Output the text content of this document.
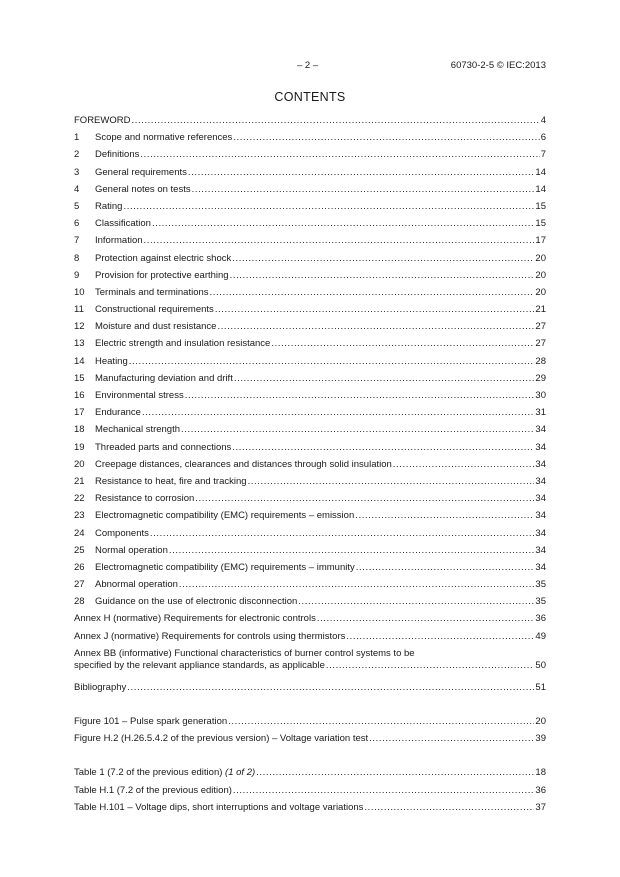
– 2 –	60730-2-5 © IEC:2013
CONTENTS
FOREWORD .....	4
1	Scope and normative references .....	6
2	Definitions .....	7
3	General requirements .....	14
4	General notes on tests .....	14
5	Rating .....	15
6	Classification .....	15
7	Information .....	17
8	Protection against electric shock .....	20
9	Provision for protective earthing .....	20
10	Terminals and terminations .....	20
11	Constructional requirements .....	21
12	Moisture and dust resistance .....	27
13	Electric strength and insulation resistance .....	27
14	Heating .....	28
15	Manufacturing deviation and drift .....	29
16	Environmental stress .....	30
17	Endurance .....	31
18	Mechanical strength .....	34
19	Threaded parts and connections .....	34
20	Creepage distances, clearances and distances through solid insulation .....	34
21	Resistance to heat, fire and tracking .....	34
22	Resistance to corrosion .....	34
23	Electromagnetic compatibility (EMC) requirements – emission .....	34
24	Components .....	34
25	Normal operation .....	34
26	Electromagnetic compatibility (EMC) requirements – immunity .....	34
27	Abnormal operation .....	35
28	Guidance on the use of electronic disconnection .....	35
Annex H (normative) Requirements for electronic controls .....	36
Annex J (normative) Requirements for controls using thermistors .....	49
Annex BB (informative) Functional characteristics of burner control systems to be
specified by the relevant appliance standards, as applicable .....	50
Bibliography .....	51
Figure 101 – Pulse spark generation .....	20
Figure H.2 (H.26.5.4.2 of the previous version) – Voltage variation test .....	39
Table 1 (7.2 of the previous edition) (1 of 2) .....	18
Table H.1 (7.2 of the previous edition) .....	36
Table H.101 – Voltage dips, short interruptions and voltage variations .....	37
